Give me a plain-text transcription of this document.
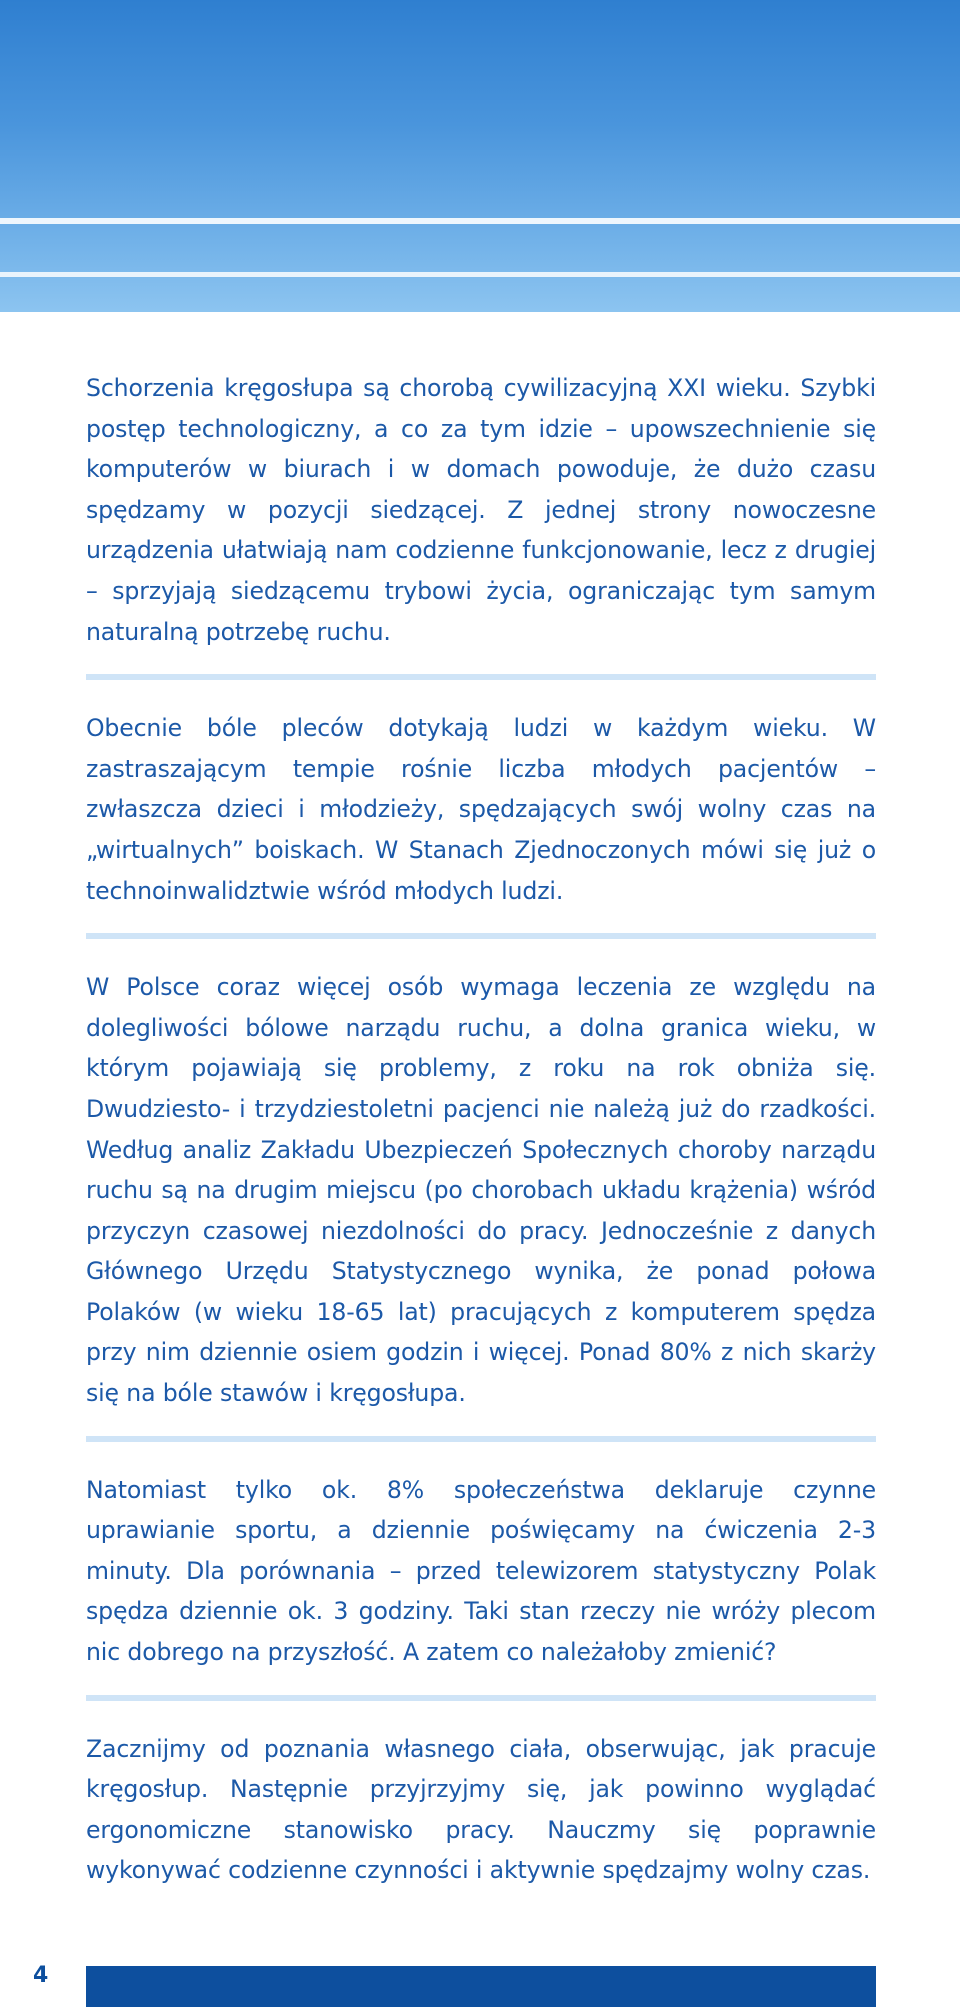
Schorzenia kręgosłupa są chorobą cywilizacyjną XXI wieku. Szybki postęp technologiczny, a co za tym idzie – upowszechnienie się komputerów w biurach i w domach powoduje, że dużo czasu spędzamy w pozycji siedzącej. Z jednej strony nowoczesne urządzenia ułatwiają nam codzienne funkcjonowanie, lecz z drugiej – sprzyjają siedzącemu trybowi życia, ograniczając tym samym naturalną potrzebę ruchu.

Obecnie bóle pleców dotykają ludzi w każdym wieku. W zastraszającym tempie rośnie liczba młodych pacjentów – zwłaszcza dzieci i młodzieży, spędzających swój wolny czas na „wirtualnych” boiskach. W Stanach Zjednoczonych mówi się już o technoinwalidztwie wśród młodych ludzi.

W Polsce coraz więcej osób wymaga leczenia ze względu na dolegliwości bólowe narządu ruchu, a dolna granica wieku, w którym pojawiają się problemy, z roku na rok obniża się. Dwudziesto- i trzydziestoletni pacjenci nie należą już do rzadkości. Według analiz Zakładu Ubezpieczeń Społecznych choroby narządu ruchu są na drugim miejscu (po chorobach układu krążenia) wśród przyczyn czasowej niezdolności do pracy. Jednocześnie z danych Głównego Urzędu Statystycznego wynika, że ponad połowa Polaków (w wieku 18-65 lat) pracujących z komputerem spędza przy nim dziennie osiem godzin i więcej. Ponad 80% z nich skarży się na bóle stawów i kręgosłupa.

Natomiast tylko ok. 8% społeczeństwa deklaruje czynne uprawianie sportu, a dziennie poświęcamy na ćwiczenia 2-3 minuty. Dla porównania – przed telewizorem statystyczny Polak spędza dziennie ok. 3 godziny. Taki stan rzeczy nie wróży plecom nic dobrego na przyszłość. A zatem co należałoby zmienić?

Zacznijmy od poznania własnego ciała, obserwując, jak pracuje kręgosłup. Następnie przyjrzyjmy się, jak powinno wyglądać ergonomiczne stanowisko pracy. Nauczmy się poprawnie wykonywać codzienne czynności i aktywnie spędzajmy wolny czas.

4
